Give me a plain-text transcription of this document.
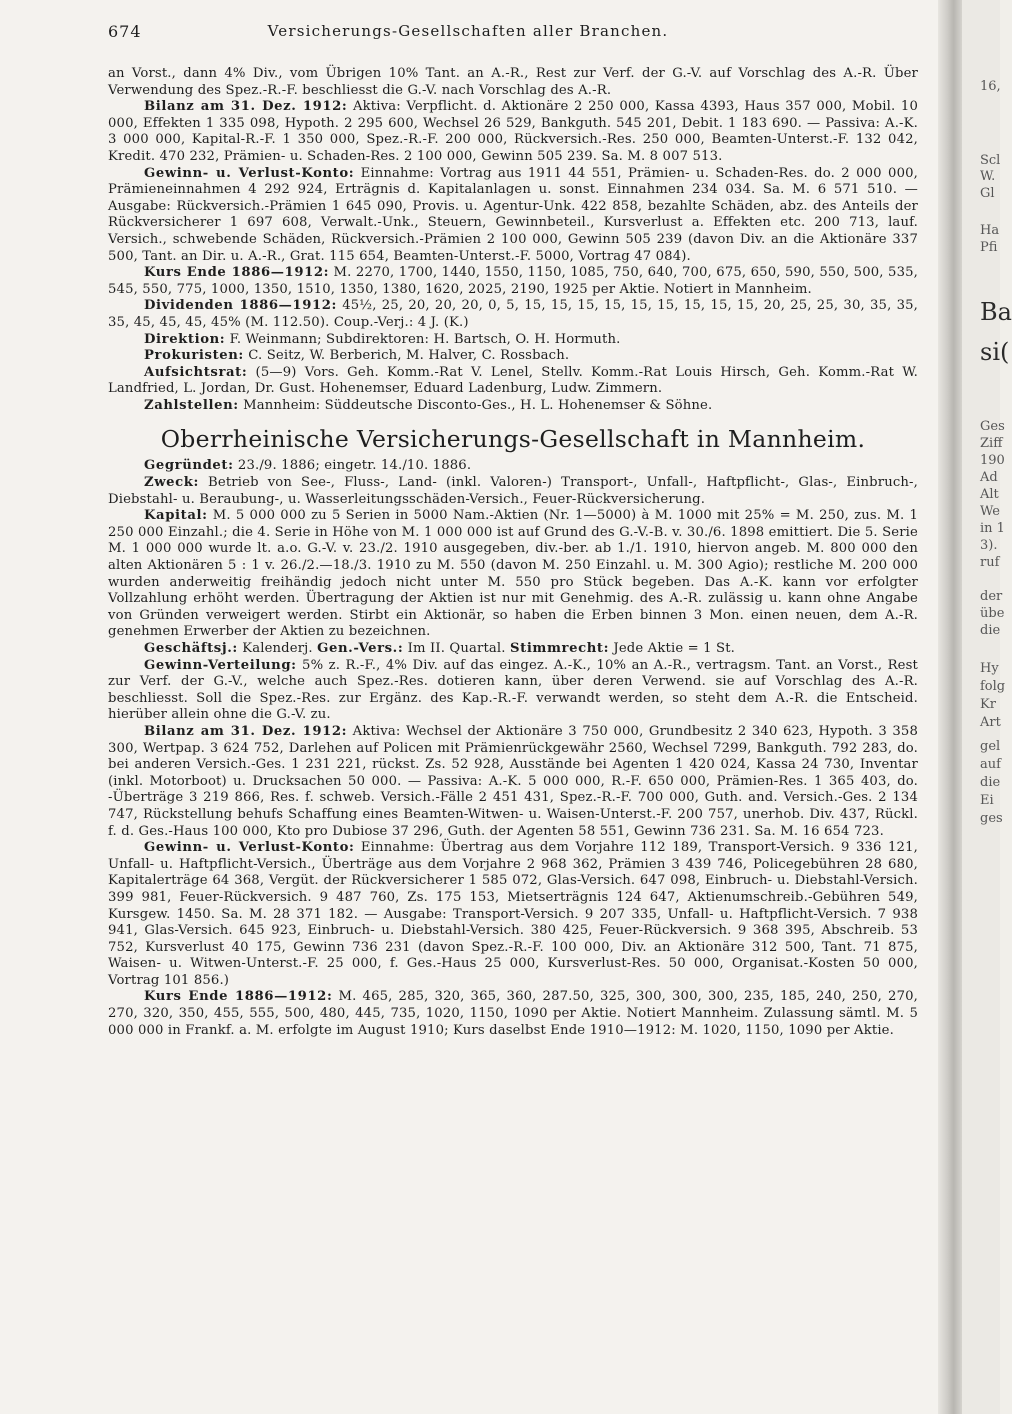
674	Versicherungs-Gesellschaften aller Branchen.

an Vorst., dann 4% Div., vom Übrigen 10% Tant. an A.-R., Rest zur Verf. der G.-V. auf Vorschlag des A.-R. Über Verwendung des Spez.-R.-F. beschliesst die G.-V. nach Vorschlag des A.-R.

Bilanz am 31. Dez. 1912: Aktiva: Verpflicht. d. Aktionäre 2 250 000, Kassa 4393, Haus 357 000, Mobil. 10 000, Effekten 1 335 098, Hypoth. 2 295 600, Wechsel 26 529, Bankguth. 545 201, Debit. 1 183 690. — Passiva: A.-K. 3 000 000, Kapital-R.-F. 1 350 000, Spez.-R.-F. 200 000, Rückversich.-Res. 250 000, Beamten-Unterst.-F. 132 042, Kredit. 470 232, Prämien- u. Schaden-Res. 2 100 000, Gewinn 505 239. Sa. M. 8 007 513.

Gewinn- u. Verlust-Konto: Einnahme: Vortrag aus 1911 44 551, Prämien- u. Schaden-Res. do. 2 000 000, Prämieneinnahmen 4 292 924, Erträgnis d. Kapitalanlagen u. sonst. Einnahmen 234 034. Sa. M. 6 571 510. — Ausgabe: Rückversich.-Prämien 1 645 090, Provis. u. Agentur-Unk. 422 858, bezahlte Schäden, abz. des Anteils der Rückversicherer 1 697 608, Verwalt.-Unk., Steuern, Gewinnbeteil., Kursverlust a. Effekten etc. 200 713, lauf. Versich., schwebende Schäden, Rückversich.-Prämien 2 100 000, Gewinn 505 239 (davon Div. an die Aktionäre 337 500, Tant. an Dir. u. A.-R., Grat. 115 654, Beamten-Unterst.-F. 5000, Vortrag 47 084).

Kurs Ende 1886—1912: M. 2270, 1700, 1440, 1550, 1150, 1085, 750, 640, 700, 675, 650, 590, 550, 500, 535, 545, 550, 775, 1000, 1350, 1510, 1350, 1380, 1620, 2025, 2190, 1925 per Aktie. Notiert in Mannheim.

Dividenden 1886—1912: 45½, 25, 20, 20, 20, 0, 5, 15, 15, 15, 15, 15, 15, 15, 15, 15, 20, 25, 25, 30, 35, 35, 35, 45, 45, 45, 45% (M. 112.50). Coup.-Verj.: 4 J. (K.)

Direktion: F. Weinmann; Subdirektoren: H. Bartsch, O. H. Hormuth.

Prokuristen: C. Seitz, W. Berberich, M. Halver, C. Rossbach.

Aufsichtsrat: (5—9) Vors. Geh. Komm.-Rat V. Lenel, Stellv. Komm.-Rat Louis Hirsch, Geh. Komm.-Rat W. Landfried, L. Jordan, Dr. Gust. Hohenemser, Eduard Ladenburg, Ludw. Zimmern.

Zahlstellen: Mannheim: Süddeutsche Disconto-Ges., H. L. Hohenemser & Söhne.

Oberrheinische Versicherungs-Gesellschaft in Mannheim.

Gegründet: 23./9. 1886; eingetr. 14./10. 1886.

Zweck: Betrieb von See-, Fluss-, Land- (inkl. Valoren-) Transport-, Unfall-, Haftpflicht-, Glas-, Einbruch-, Diebstahl- u. Beraubung-, u. Wasserleitungsschäden-Versich., Feuer-Rückversicherung.

Kapital: M. 5 000 000 zu 5 Serien in 5000 Nam.-Aktien (Nr. 1—5000) à M. 1000 mit 25% = M. 250, zus. M. 1 250 000 Einzahl.; die 4. Serie in Höhe von M. 1 000 000 ist auf Grund des G.-V.-B. v. 30./6. 1898 emittiert. Die 5. Serie M. 1 000 000 wurde lt. a.o. G.-V. v. 23./2. 1910 ausgegeben, div.-ber. ab 1./1. 1910, hiervon angeb. M. 800 000 den alten Aktionären 5 : 1 v. 26./2.—18./3. 1910 zu M. 550 (davon M. 250 Einzahl. u. M. 300 Agio); restliche M. 200 000 wurden anderweitig freihändig jedoch nicht unter M. 550 pro Stück begeben. Das A.-K. kann vor erfolgter Vollzahlung erhöht werden. Übertragung der Aktien ist nur mit Genehmig. des A.-R. zulässig u. kann ohne Angabe von Gründen verweigert werden. Stirbt ein Aktionär, so haben die Erben binnen 3 Mon. einen neuen, dem A.-R. genehmen Erwerber der Aktien zu bezeichnen.

Geschäftsj.: Kalenderj. Gen.-Vers.: Im II. Quartal. Stimmrecht: Jede Aktie = 1 St.

Gewinn-Verteilung: 5% z. R.-F., 4% Div. auf das eingez. A.-K., 10% an A.-R., vertragsm. Tant. an Vorst., Rest zur Verf. der G.-V., welche auch Spez.-Res. dotieren kann, über deren Verwend. sie auf Vorschlag des A.-R. beschliesst. Soll die Spez.-Res. zur Ergänz. des Kap.-R.-F. verwandt werden, so steht dem A.-R. die Entscheid. hierüber allein ohne die G.-V. zu.

Bilanz am 31. Dez. 1912: Aktiva: Wechsel der Aktionäre 3 750 000, Grundbesitz 2 340 623, Hypoth. 3 358 300, Wertpap. 3 624 752, Darlehen auf Policen mit Prämienrückgewähr 2560, Wechsel 7299, Bankguth. 792 283, do. bei anderen Versich.-Ges. 1 231 221, rückst. Zs. 52 928, Ausstände bei Agenten 1 420 024, Kassa 24 730, Inventar (inkl. Motorboot) u. Drucksachen 50 000. — Passiva: A.-K. 5 000 000, R.-F. 650 000, Prämien-Res. 1 365 403, do. -Überträge 3 219 866, Res. f. schweb. Versich.-Fälle 2 451 431, Spez.-R.-F. 700 000, Guth. and. Versich.-Ges. 2 134 747, Rückstellung behufs Schaffung eines Beamten-Witwen- u. Waisen-Unterst.-F. 200 757, unerhob. Div. 437, Rückl. f. d. Ges.-Haus 100 000, Kto pro Dubiose 37 296, Guth. der Agenten 58 551, Gewinn 736 231. Sa. M. 16 654 723.

Gewinn- u. Verlust-Konto: Einnahme: Übertrag aus dem Vorjahre 112 189, Transport-Versich. 9 336 121, Unfall- u. Haftpflicht-Versich., Überträge aus dem Vorjahre 2 968 362, Prämien 3 439 746, Policegebühren 28 680, Kapitalerträge 64 368, Vergüt. der Rückversicherer 1 585 072, Glas-Versich. 647 098, Einbruch- u. Diebstahl-Versich. 399 981, Feuer-Rückversich. 9 487 760, Zs. 175 153, Mietserträgnis 124 647, Aktienumschreib.-Gebühren 549, Kursgew. 1450. Sa. M. 28 371 182. — Ausgabe: Transport-Versich. 9 207 335, Unfall- u. Haftpflicht-Versich. 7 938 941, Glas-Versich. 645 923, Einbruch- u. Diebstahl-Versich. 380 425, Feuer-Rückversich. 9 368 395, Abschreib. 53 752, Kursverlust 40 175, Gewinn 736 231 (davon Spez.-R.-F. 100 000, Div. an Aktionäre 312 500, Tant. 71 875, Waisen- u. Witwen-Unterst.-F. 25 000, f. Ges.-Haus 25 000, Kursverlust-Res. 50 000, Organisat.-Kosten 50 000, Vortrag 101 856.)

Kurs Ende 1886—1912: M. 465, 285, 320, 365, 360, 287.50, 325, 300, 300, 300, 235, 185, 240, 250, 270, 270, 320, 350, 455, 555, 500, 480, 445, 735, 1020, 1150, 1090 per Aktie. Notiert Mannheim. Zulassung sämtl. M. 5 000 000 in Frankf. a. M. erfolgte im August 1910; Kurs daselbst Ende 1910—1912: M. 1020, 1150, 1090 per Aktie.

16,
Scl
W.
Gl
Ha
Pfi
Ba
si(
Ges
Ziff
190
Ad
Alt
We
in 1
3).
ruf
der
übe
die
Hy
folg
Kr
Art
gel
auf
die
Ei
ges
